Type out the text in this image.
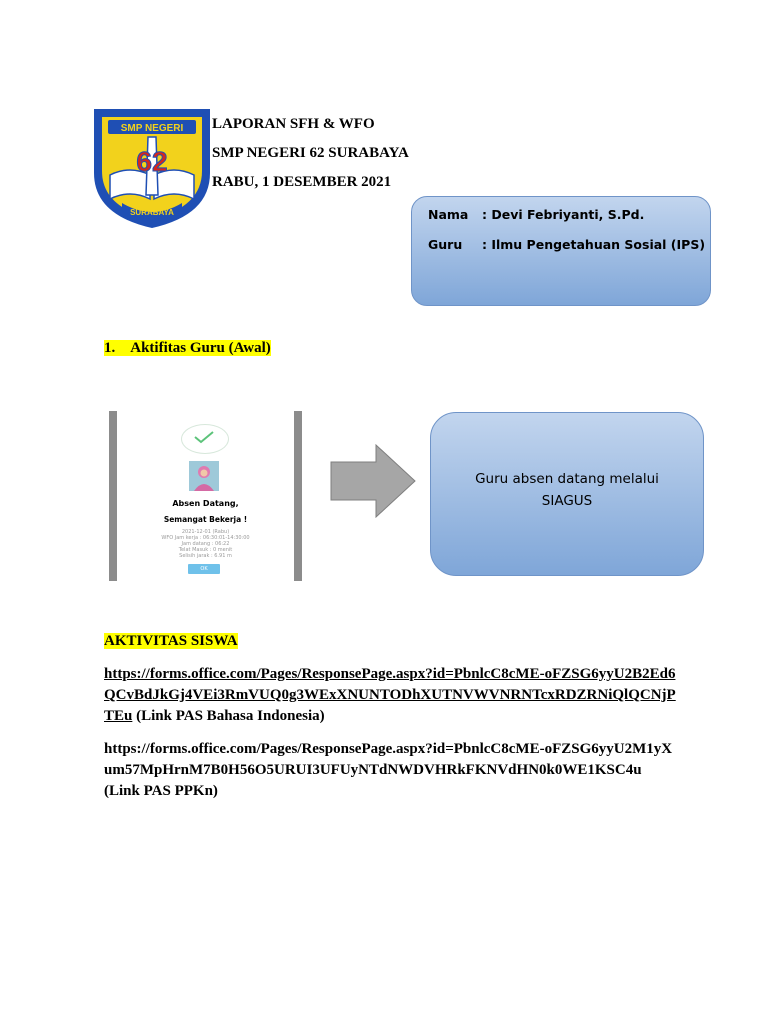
SMP NEGERI
62
SURABAYA
LAPORAN SFH & WFO
SMP NEGERI 62 SURABAYA
RABU, 1 DESEMBER 2021
Nama : Devi Febriyanti, S.Pd.
Guru : Ilmu Pengetahuan Sosial (IPS)
1. Aktifitas Guru (Awal)
Absen Datang,
Semangat Bekerja !
2021-12-01 (Rabu)
WFO Jam kerja : 06:30:01-14:30:00
Jam datang : 06:22
Telat Masuk : 0 menit
Selisih jarak : 6.91 m
OK
Guru absen datang melalui SIAGUS
AKTIVITAS SISWA
https://forms.office.com/Pages/ResponsePage.aspx?id=PbnlcC8cME-oFZSG6yyU2B2Ed6
QCvBdJkGj4VEi3RmVUQ0g3WExXNUNTODhXUTNVWVNRNTcxRDZRNiQlQCNjP
TEu (Link PAS Bahasa Indonesia)
https://forms.office.com/Pages/ResponsePage.aspx?id=PbnlcC8cME-oFZSG6yyU2M1yX
um57MpHrnM7B0H56O5URUI3UFUyNTdNWDVHRkFKNVdHN0k0WE1KSC4u
(Link PAS PPKn)
